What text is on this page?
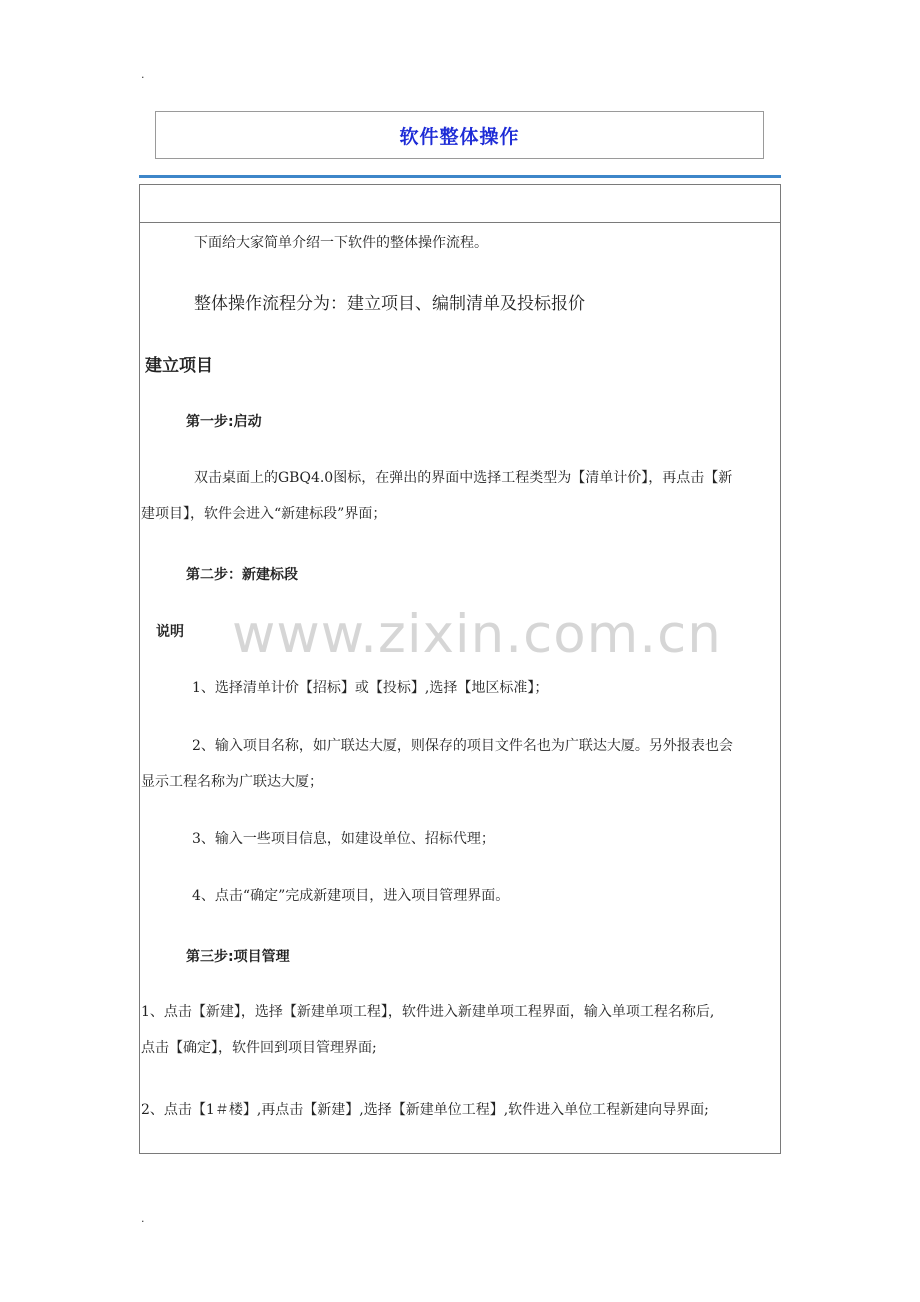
.
软件整体操作
www.zixin.com.cn
下面给大家简单介绍一下软件的整体操作流程。
整体操作流程分为：建立项目、编制清单及投标报价
建立项目
第一步:启动
双击桌面上的GBQ4.0图标，在弹出的界面中选择工程类型为【清单计价】，再点击【新
建项目】，软件会进入“新建标段”界面；
第二步：新建标段
说明
1、选择清单计价【招标】或【投标】,选择【地区标准】；
2、输入项目名称，如广联达大厦，则保存的项目文件名也为广联达大厦。另外报表也会
显示工程名称为广联达大厦；
3、输入一些项目信息，如建设单位、招标代理；
4、点击“确定”完成新建项目，进入项目管理界面。
第三步:项目管理
1、点击【新建】，选择【新建单项工程】，软件进入新建单项工程界面，输入单项工程名称后,
点击【确定】，软件回到项目管理界面;
2、点击【1＃楼】,再点击【新建】,选择【新建单位工程】,软件进入单位工程新建向导界面;
.
